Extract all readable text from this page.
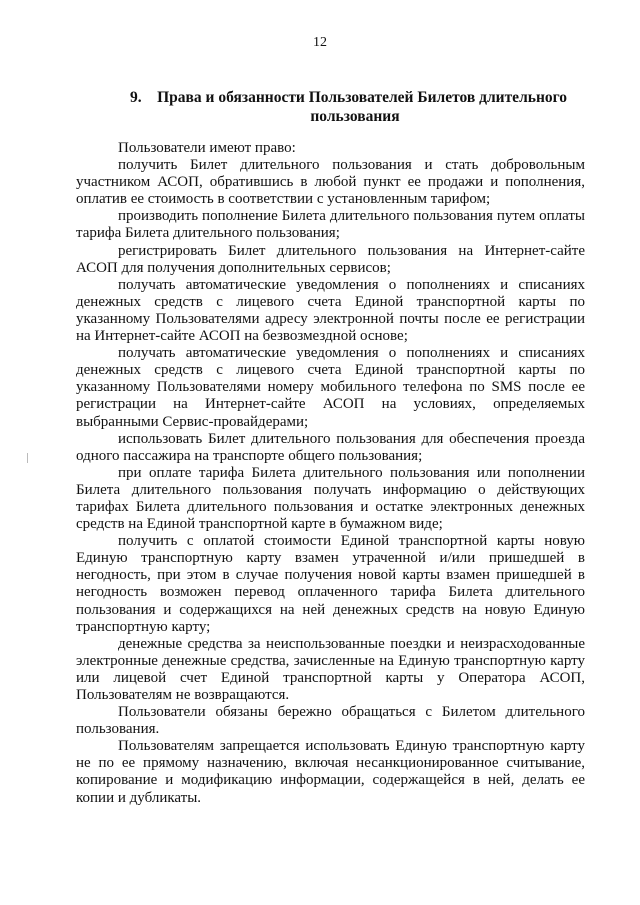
12
9. Права и обязанности Пользователей Билетов длительного
пользования

Пользователи имеют право:

получить Билет длительного пользования и стать добровольным участником АСОП, обратившись в любой пункт ее продажи и пополнения, оплатив ее стоимость в соответствии с установленным тарифом;

производить пополнение Билета длительного пользования путем оплаты тарифа Билета длительного пользования;

регистрировать Билет длительного пользования на Интернет-сайте АСОП для получения дополнительных сервисов;

получать автоматические уведомления о пополнениях и списаниях денежных средств с лицевого счета Единой транспортной карты по указанному Пользователями адресу электронной почты после ее регистрации на Интернет-сайте АСОП на безвозмездной основе;

получать автоматические уведомления о пополнениях и списаниях денежных средств с лицевого счета Единой транспортной карты по указанному Пользователями номеру мобильного телефона по SMS после ее регистрации на Интернет-сайте АСОП на условиях, определяемых выбранными Сервис-провайдерами;

использовать Билет длительного пользования для обеспечения проезда одного пассажира на транспорте общего пользования;

при оплате тарифа Билета длительного пользования или пополнении Билета длительного пользования получать информацию о действующих тарифах Билета длительного пользования и остатке электронных денежных средств на Единой транспортной карте в бумажном виде;

получить с оплатой стоимости Единой транспортной карты новую Единую транспортную карту взамен утраченной и/или пришедшей в негодность, при этом в случае получения новой карты взамен пришедшей в негодность возможен перевод оплаченного тарифа Билета длительного пользования и содержащихся на ней денежных средств на новую Единую транспортную карту;

денежные средства за неиспользованные поездки и неизрасходованные электронные денежные средства, зачисленные на Единую транспортную карту или лицевой счет Единой транспортной карты у Оператора АСОП, Пользователям не возвращаются.

Пользователи обязаны бережно обращаться с Билетом длительного пользования.

Пользователям запрещается использовать Единую транспортную карту не по ее прямому назначению, включая несанкционированное считывание, копирование и модификацию информации, содержащейся в ней, делать ее копии и дубликаты.
